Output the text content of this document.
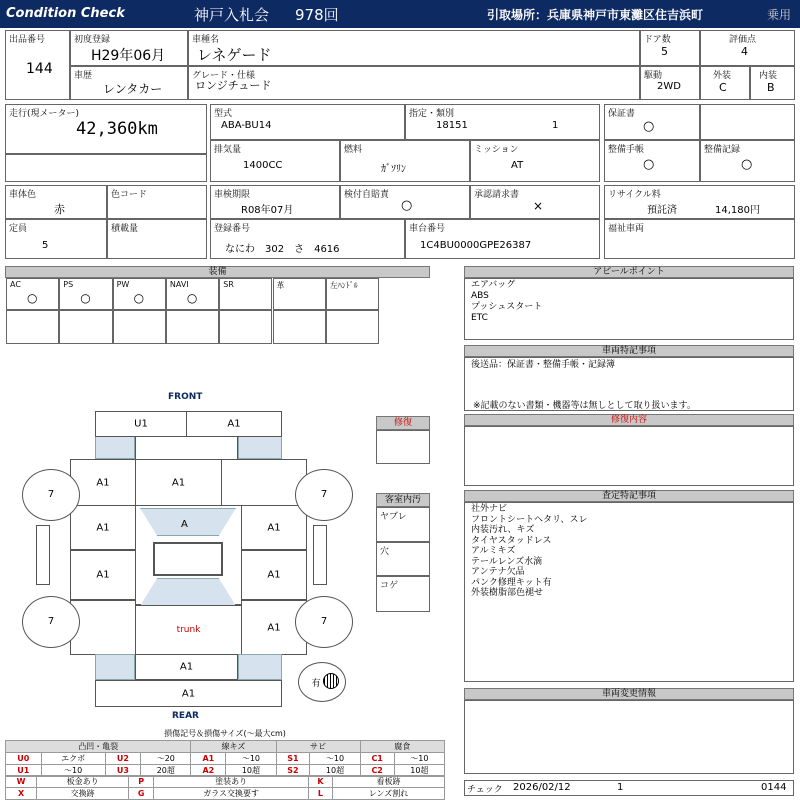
Condition Check	神戸入札会 978回	引取場所：兵庫県神戸市東灘区住吉浜町	乗用
出品番号
144
初度登録
H29年06月
車種名
レネゲード
ドア数
5
評価点
4
車歴
レンタカー
グレード・仕様
ロンジチュード
駆動
2WD
外装
C
内装
B
走行(現メーター)
42,360km
型式
ABA-BU14
指定・類別
18151	1
保証書
○
排気量
1400CC
燃料
ｶﾞｿﾘﾝ
ミッション
AT
整備手帳
○
整備記録
○
車体色
赤
色コード	車検期限
R08年07月
検付自賠責
○
承認請求書
×
リサイクル料
預託済	14,180円
定員
5
積載量	登録番号
なにわ　302　さ　4616
車台番号
1C4BU0000GPE26387
福祉車両
装備
AC
○
PS
○
PW
○
NAVI
○
SR	革	左ﾊﾝﾄﾞﾙ
アピールポイント
エアバッグ
ABS
プッシュスタート
ETC
車両特記事項
後送品：保証書・整備手帳・記録簿
※記載のない書類・機器等は無しとして取り扱います。
修復内容
査定特記事項
社外ナビ
フロントシートヘタリ、スレ
内装汚れ、キズ
タイヤスタッドレス
アルミキズ
テールレンズ水滴
アンテナ欠品
パンク修理キット有
外装樹脂部色褪せ
車両変更情報
チェック 2026/02/12	1	0144
FRONT
REAR
U1	A1
A1	A1
A1	A1
A1	A1
A
trunk	A1
A1
A1
7	7
7	7
有
修復
客室内汚
ヤブレ
穴
コゲ
損傷記号＆損傷サイズ(～最大cm)
凸凹・亀裂				線キズ		サビ		腐食	
U0	エクボ	U2	～20	A1	～10	S1	～10	C1	～10
U1	～10	U3	20超	A2	10超	S2	10超	C2	10超
W	板金あり	P	塗装あり	K	看板跡
X	交換跡	G	ガラス交換要す	L	レンズ割れ
